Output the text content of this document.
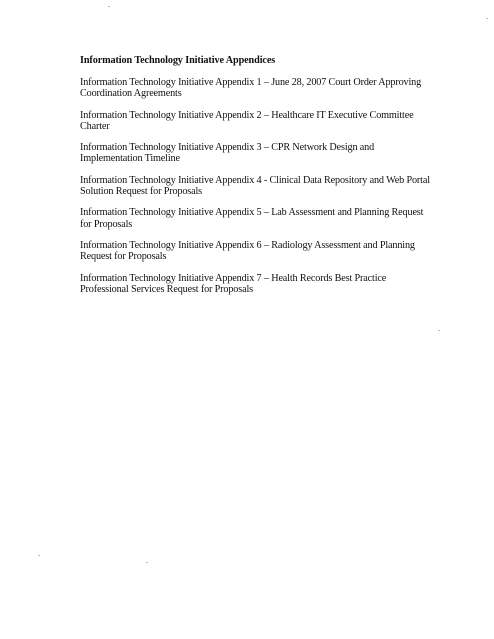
Information Technology Initiative Appendices
Information Technology Initiative Appendix 1 – June 28, 2007 Court Order Approving
Coordination Agreements
Information Technology Initiative Appendix 2 – Healthcare IT Executive Committee
Charter
Information Technology Initiative Appendix 3 – CPR Network Design and
Implementation Timeline
Information Technology Initiative Appendix 4 - Clinical Data Repository and Web Portal
Solution Request for Proposals
Information Technology Initiative Appendix 5 – Lab Assessment and Planning Request
for Proposals
Information Technology Initiative Appendix 6 – Radiology Assessment and Planning
Request for Proposals
Information Technology Initiative Appendix 7 – Health Records Best Practice
Professional Services Request for Proposals
